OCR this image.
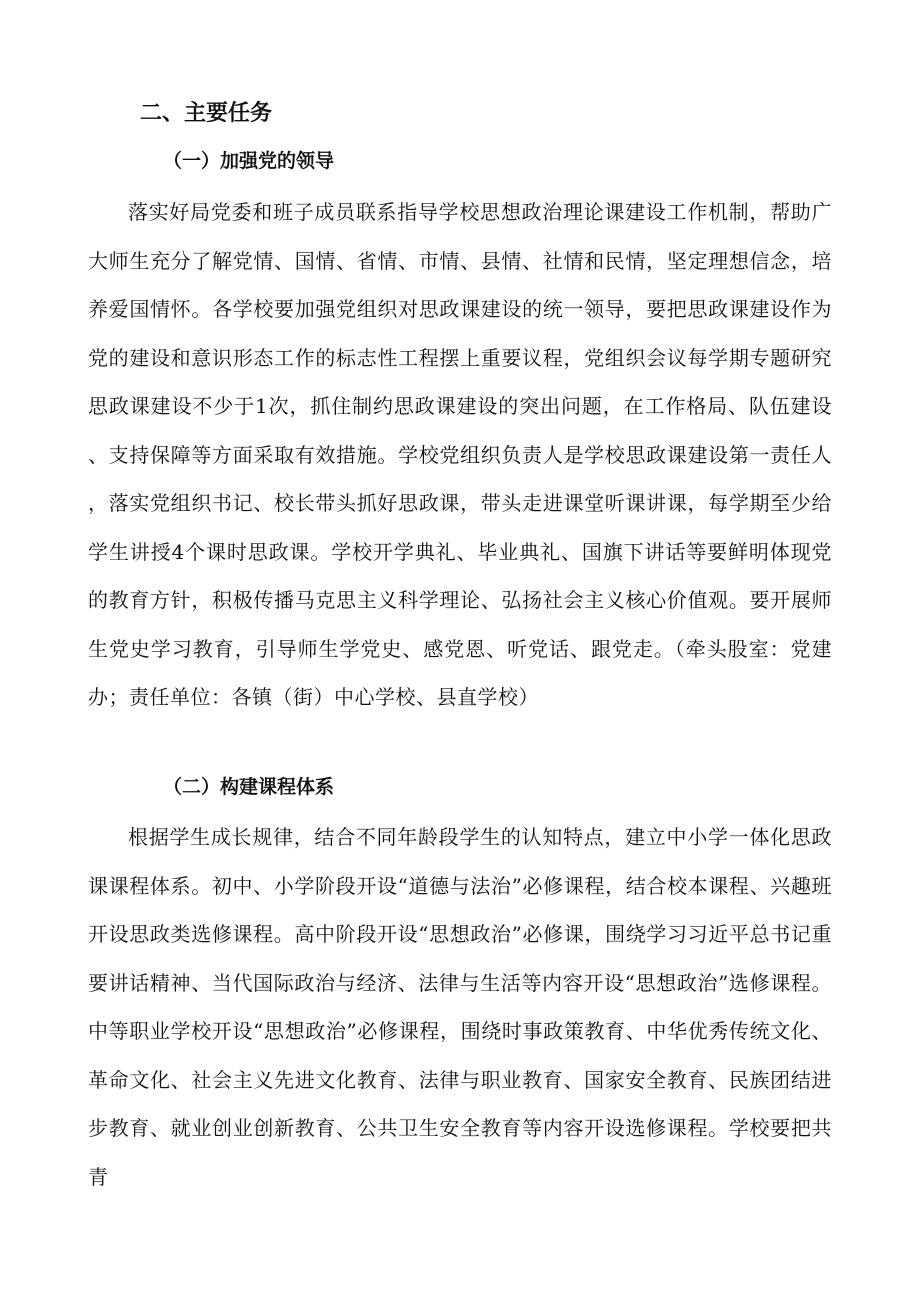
二、主要任务
（一）加强党的领导

落实好局党委和班子成员联系指导学校思想政治理论课建设工作机制，帮助广大师生充分了解党情、国情、省情、市情、县情、社情和民情，坚定理想信念，培养爱国情怀。各学校要加强党组织对思政课建设的统一领导，要把思政课建设作为党的建设和意识形态工作的标志性工程摆上重要议程，党组织会议每学期专题研究思政课建设不少于1次，抓住制约思政课建设的突出问题，在工作格局、队伍建设、支持保障等方面采取有效措施。学校党组织负责人是学校思政课建设第一责任人，落实党组织书记、校长带头抓好思政课，带头走进课堂听课讲课，每学期至少给学生讲授4个课时思政课。学校开学典礼、毕业典礼、国旗下讲话等要鲜明体现党的教育方针，积极传播马克思主义科学理论、弘扬社会主义核心价值观。要开展师生党史学习教育，引导师生学党史、感党恩、听党话、跟党走。（牵头股室：党建办；责任单位：各镇（街）中心学校、县直学校）

（二）构建课程体系

根据学生成长规律，结合不同年龄段学生的认知特点，建立中小学一体化思政课课程体系。初中、小学阶段开设“道德与法治”必修课程，结合校本课程、兴趣班开设思政类选修课程。高中阶段开设“思想政治”必修课，围绕学习习近平总书记重要讲话精神、当代国际政治与经济、法律与生活等内容开设“思想政治”选修课程。中等职业学校开设“思想政治”必修课程，围绕时事政策教育、中华优秀传统文化、革命文化、社会主义先进文化教育、法律与职业教育、国家安全教育、民族团结进步教育、就业创业创新教育、公共卫生安全教育等内容开设选修课程。学校要把共青
